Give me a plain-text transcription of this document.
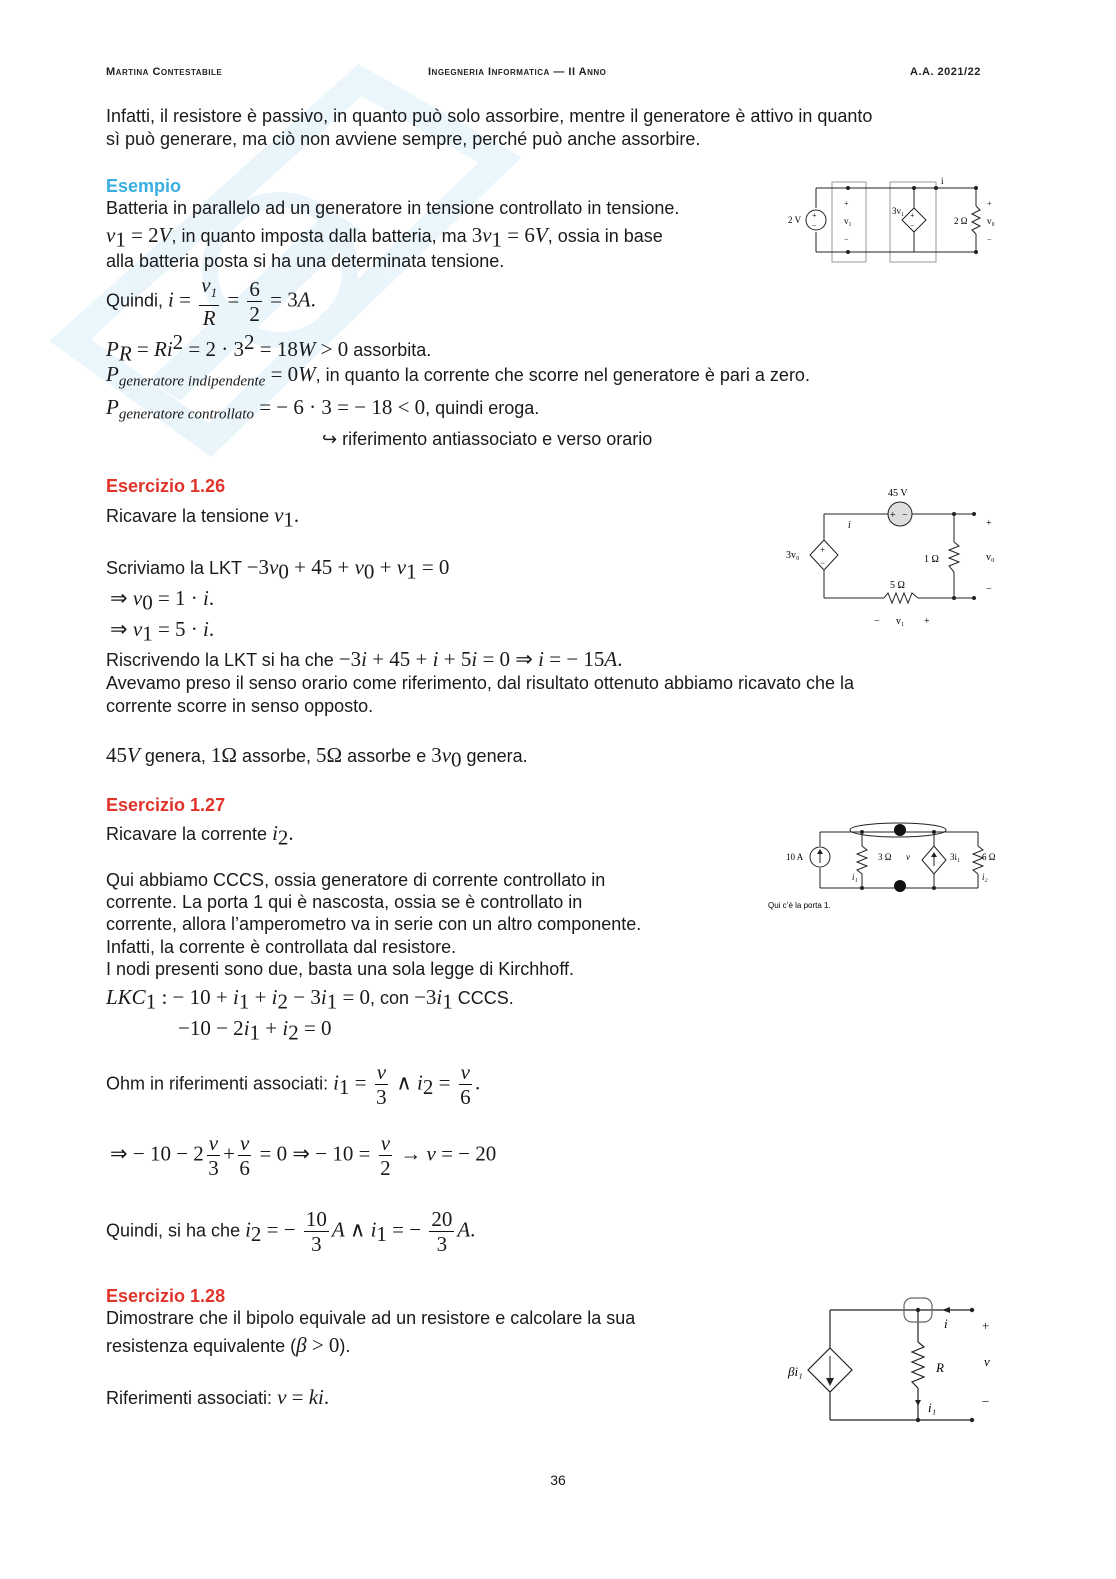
Martina Contestabile	Ingegneria Informatica — II Anno	A.A. 2021/22
Infatti, il resistore è passivo, in quanto può solo assorbire, mentre il generatore è attivo in quanto
sì può generare, ma ciò non avviene sempre, perché può anche assorbire.
Esempio
Batteria in parallelo ad un generatore in tensione controllato in tensione.
$v_1 = 2V$, in quanto imposta dalla batteria, ma $3v_1 = 6V$, ossia in base
alla batteria posta si ha una determinata tensione.
Quindi, $i = \frac{v_1}{R} = \frac{6}{2} = 3A$.
$P_R = Ri^2 = 2 \cdot 3^2 = 18W > 0$ assorbita.
$P_{generatore indipendente} = 0W$, in quanto la corrente che scorre nel generatore è pari a zero.
$P_{generatore controllato}$ = − 6 · 3 = − 18 < 0, quindi eroga.
↪ riferimento antiassociato e verso orario
+
−
+
−
2 V
+
−
v₁
3v₁
2 Ω
+
−
v₀
i
Esercizio 1.26
Ricavare la tensione $v_1$.
Scriviamo la LKT $-3v_0 + 45 + v_0 + v_1 = 0$
⇒ $v_0 = 1 \cdot i$.
⇒ $v_1 = 5 \cdot i$.
Riscrivendo la LKT si ha che −3i + 45 + i + 5i = 0 ⇒ i = − 15A.
Avevamo preso il senso orario come riferimento, dal risultato ottenuto abbiamo ricavato che la
corrente scorre in senso opposto.
45V genera, 1Ω assorbe, 5Ω assorbe e $3v_0$ genera.
+ −
+
−
45 V
i
3v₀	1 Ω
5 Ω
+
v₀
−
− v₁ +
Esercizio 1.27
Ricavare la corrente $i_2$.
Qui abbiamo CCCS, ossia generatore di corrente controllato in
corrente. La porta 1 qui è nascosta, ossia se è controllato in
corrente, allora l’amperometro va in serie con un altro componente.
Infatti, la corrente è controllata dal resistore.
I nodi presenti sono due, basta una sola legge di Kirchhoff.
$LKC_1$ : − $10 + i_1 + i_2 - 3i_1 = 0$, con $-3i_1$ CCCS.
$-10 - 2i_1 + i_2 = 0$
Ohm in riferimenti associati: $i_1 = \frac{v}{3}$ ∧ $i_2 = \frac{v}{6}$ .
⇒ − $10 - 2 \frac{v}{3} + \frac{v}{6} = 0$ ⇒ − $10 = \frac{v}{2} \to v$ = − 20
Quindi, si ha che $i_2$ = − $\frac{10}{3}$ A ∧ $i_1$ = − $\frac{20}{3} A$.
10 A	3 Ω v	3i₁ 6 Ω
i₁	i₂
Qui c’è la porta 1.
Esercizio 1.28
Dimostrare che il bipolo equivale ad un resistore e calcolare la sua
resistenza equivalente (β > 0).
Riferimenti associati: v = ki.
βi₁	R
i
i₁
+
v
−
36
